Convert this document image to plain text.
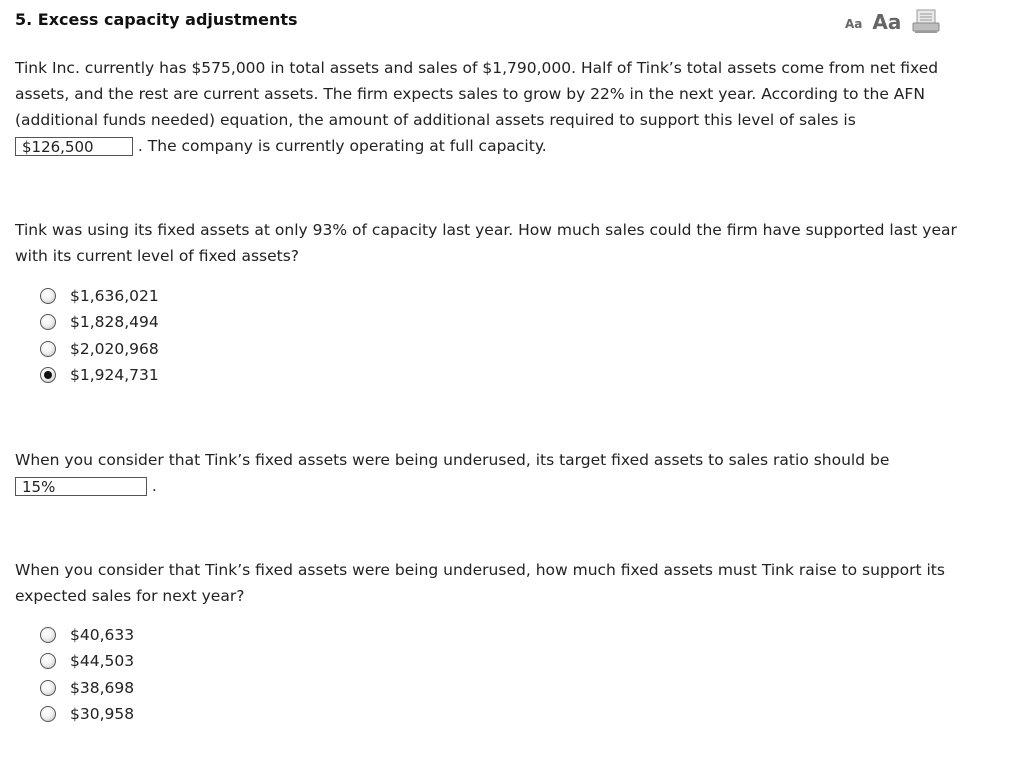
5. Excess capacity adjustments	Aa Aa

Tink Inc. currently has $575,000 in total assets and sales of $1,790,000. Half of Tink’s total assets come from net fixed assets, and the rest are current assets. The firm expects sales to grow by 22% in the next year. According to the AFN (additional funds needed) equation, the amount of additional assets required to support this level of sales is $126,500	. The company is currently operating at full capacity.

Tink was using its fixed assets at only 93% of capacity last year. How much sales could the firm have supported last year with its current level of fixed assets?

$1,636,021
$1,828,494
$2,020,968
$1,924,731

When you consider that Tink’s fixed assets were being underused, its target fixed assets to sales ratio should be 15%	.

When you consider that Tink’s fixed assets were being underused, how much fixed assets must Tink raise to support its expected sales for next year?

$40,633
$44,503
$38,698
$30,958
